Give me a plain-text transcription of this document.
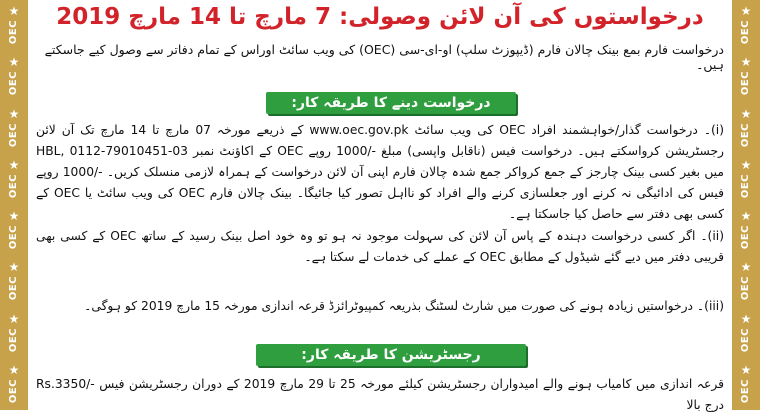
★
OEC
★
OEC
★
OEC
★
OEC
★
OEC
★
OEC
★
OEC
★
OEC
★
OEC
★
OEC
★
OEC
★
OEC
★
OEC
★
OEC
★
OEC
★
OEC
درخواستوں کی آن لائن وصولی: 7 مارچ تا 14 مارچ 2019
درخواست فارم بمع بینک چالان فارم (ڈیپوزٹ سلپ) او-ای-سی (OEC) کی ویب سائٹ اوراس کے تمام دفاتر سے وصول کیے جاسکتے ہیں۔
درخواست دینے کا طریقہ کار:
(i)۔ درخواست گذار/خواہشمند افراد OEC کی ویب سائٹ www.oec.gov.pk کے ذریعے مورخہ 07 مارچ تا 14 مارچ تک آن لائن رجسٹریشن کرواسکتے ہیں۔ درخواست فیس (ناقابل واپسی) مبلغ -/1000 روپے OEC کے اکاؤنٹ نمبر HBL, 0112-79010451-03 میں بغیر کسی بینک چارجز کے جمع کرواکر جمع شدہ چالان فارم اپنی آن لائن درخواست کے ہمراہ لازمی منسلک کریں۔ -/1000 روپے فیس کی ادائیگی نہ کرنے اور جعلسازی کرنے والے افراد کو نااہل تصور کیا جائیگا۔ بینک چالان فارم OEC کی ویب سائٹ یا OEC کے کسی بھی دفتر سے حاصل کیا جاسکتا ہے۔
(ii)۔ اگر کسی درخواست دہندہ کے پاس آن لائن کی سہولت موجود نہ ہو تو وہ خود اصل بینک رسید کے ساتھ OEC کے کسی بھی قریبی دفتر میں دیے گئے شیڈول کے مطابق OEC کے عملے کی خدمات لے سکتا ہے۔
(iii)۔ درخواستیں زیادہ ہونے کی صورت میں شارٹ لسٹنگ بذریعہ کمپیوٹرائزڈ قرعہ اندازی مورخہ 15 مارچ 2019 کو ہوگی۔
رجسٹریشن کا طریقہ کار:
قرعہ اندازی میں کامیاب ہونے والے امیدواران رجسٹریشن کیلئے مورخہ 25 تا 29 مارچ 2019 کے دوران رجسٹریشن فیس -/Rs.3350 درج بالا
